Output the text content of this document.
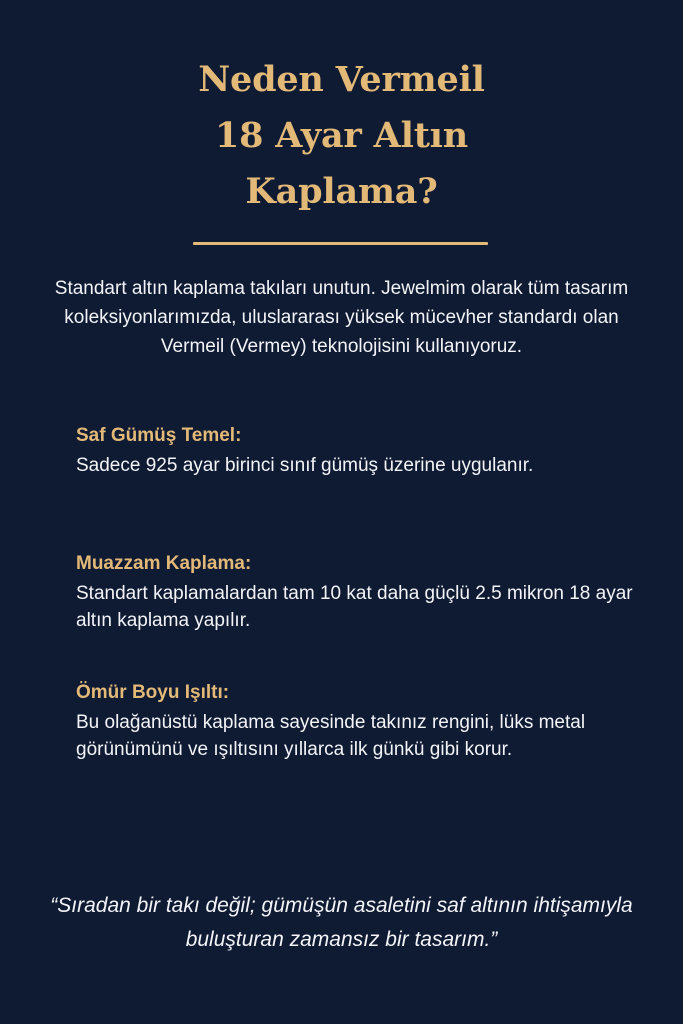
Neden Vermeil
18 Ayar Altın
Kaplama?

Standart altın kaplama takıları unutun. Jewelmim olarak tüm tasarım koleksiyonlarımızda, uluslararası yüksek mücevher standardı olan Vermeil (Vermey) teknolojisini kullanıyoruz.

Saf Gümüş Temel:
Sadece 925 ayar birinci sınıf gümüş üzerine uygulanır.
Muazzam Kaplama:
Standart kaplamalardan tam 10 kat daha güçlü 2.5 mikron 18 ayar altın kaplama yapılır.
Ömür Boyu Işıltı:
Bu olağanüstü kaplama sayesinde takınız rengini, lüks metal görünümünü ve ışıltısını yıllarca ilk günkü gibi korur.

“Sıradan bir takı değil; gümüşün asaletini saf altının ihtişamıyla buluşturan zamansız bir tasarım.”
